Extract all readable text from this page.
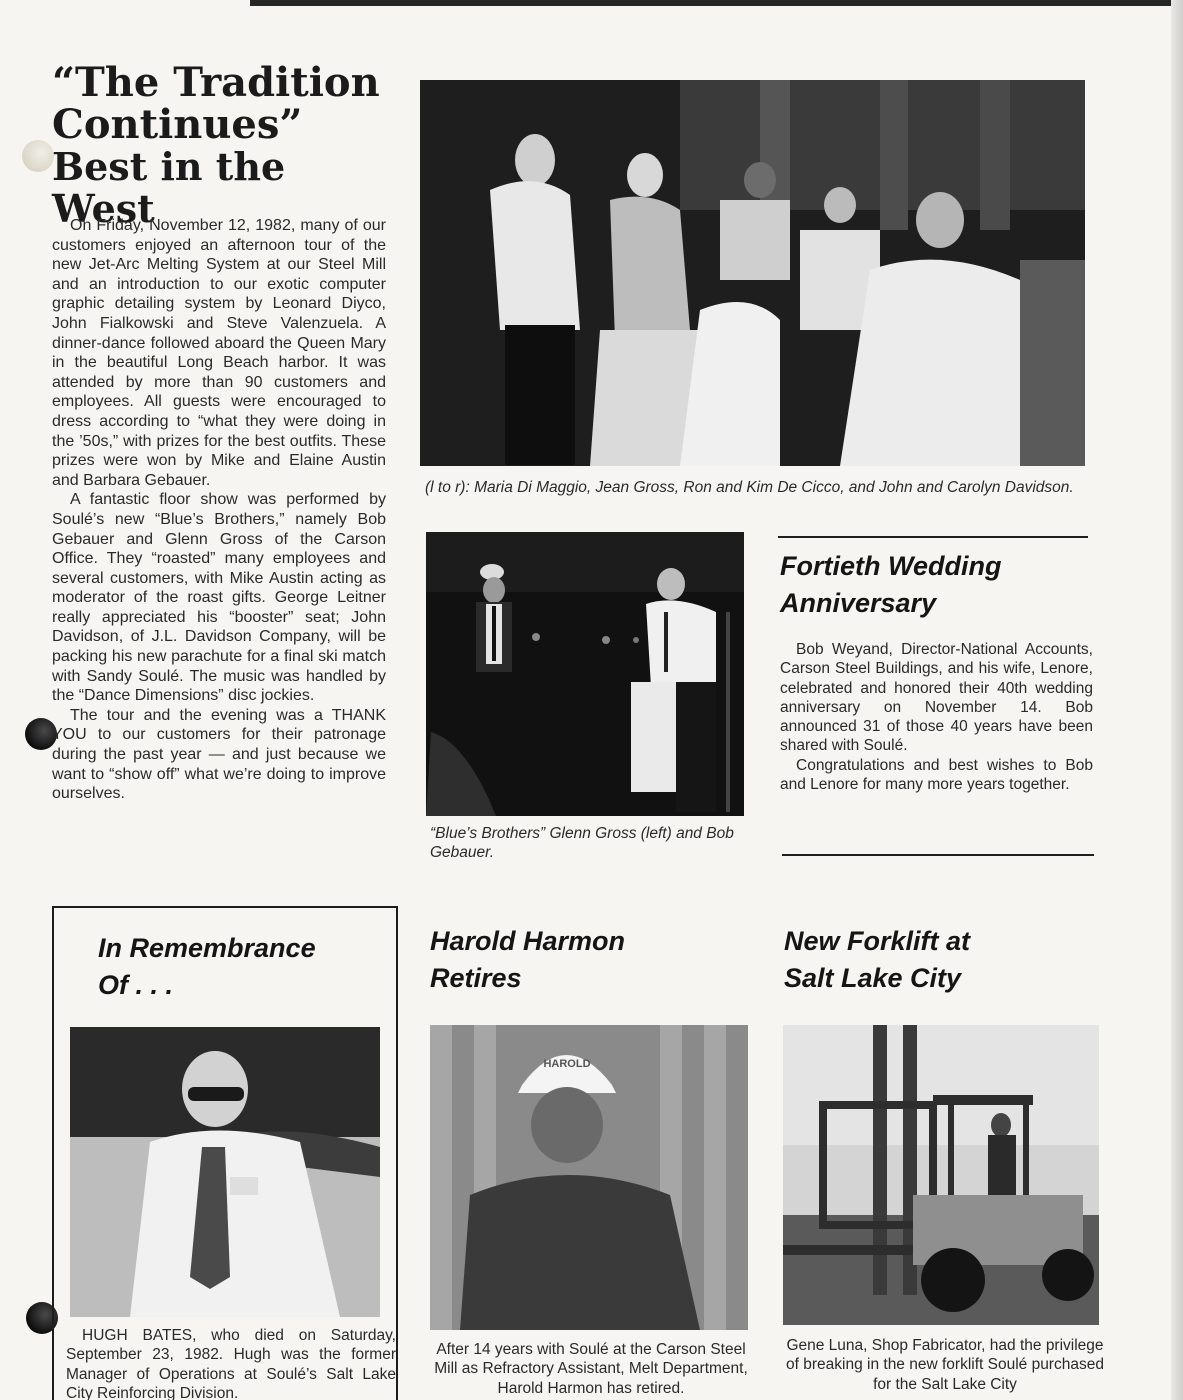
“The Tradition
Continues”
Best in the West

On Friday, November 12, 1982, many of our customers enjoyed an afternoon tour of the new Jet-Arc Melting System at our Steel Mill and an introduction to our exotic computer graphic detailing system by Leonard Diyco, John Fialkowski and Steve Valenzuela. A dinner-dance followed aboard the Queen Mary in the beautiful Long Beach harbor. It was attended by more than 90 customers and employees. All guests were encouraged to dress according to “what they were doing in the ’50s,” with prizes for the best outfits. These prizes were won by Mike and Elaine Austin and Barbara Gebauer.

A fantastic floor show was performed by Soulé’s new “Blue’s Brothers,” namely Bob Gebauer and Glenn Gross of the Carson Office. They “roasted” many employees and several customers, with Mike Austin acting as moderator of the roast gifts. George Leitner really appreciated his “booster” seat; John Davidson, of J.L. Davidson Company, will be packing his new parachute for a final ski match with Sandy Soulé. The music was handled by the “Dance Dimensions” disc jockies.

The tour and the evening was a THANK YOU to our customers for their patronage during the past year — and just because we want to “show off” what we’re doing to improve ourselves.

(l to r): Maria Di Maggio, Jean Gross, Ron and Kim De Cicco, and John and Carolyn Davidson.

“Blue’s Brothers” Glenn Gross (left) and Bob Gebauer.

Fortieth Wedding
Anniversary

Bob Weyand, Director-National Accounts, Carson Steel Buildings, and his wife, Lenore, celebrated and honored their 40th wedding anniversary on November 14. Bob announced 31 of those 40 years have been shared with Soulé.

Congratulations and best wishes to Bob and Lenore for many more years together.

In Remembrance
Of . . .

HUGH BATES, who died on Saturday, September 23, 1982. Hugh was the former Manager of Operations at Soulé’s Salt Lake City Reinforcing Division.

Harold Harmon
Retires
HAROLD

After 14 years with Soulé at the Carson Steel Mill as Refractory Assistant, Melt Department, Harold Harmon has retired.

New Forklift at
Salt Lake City

Gene Luna, Shop Fabricator, had the privilege of breaking in the new forklift Soulé purchased for the Salt Lake City
